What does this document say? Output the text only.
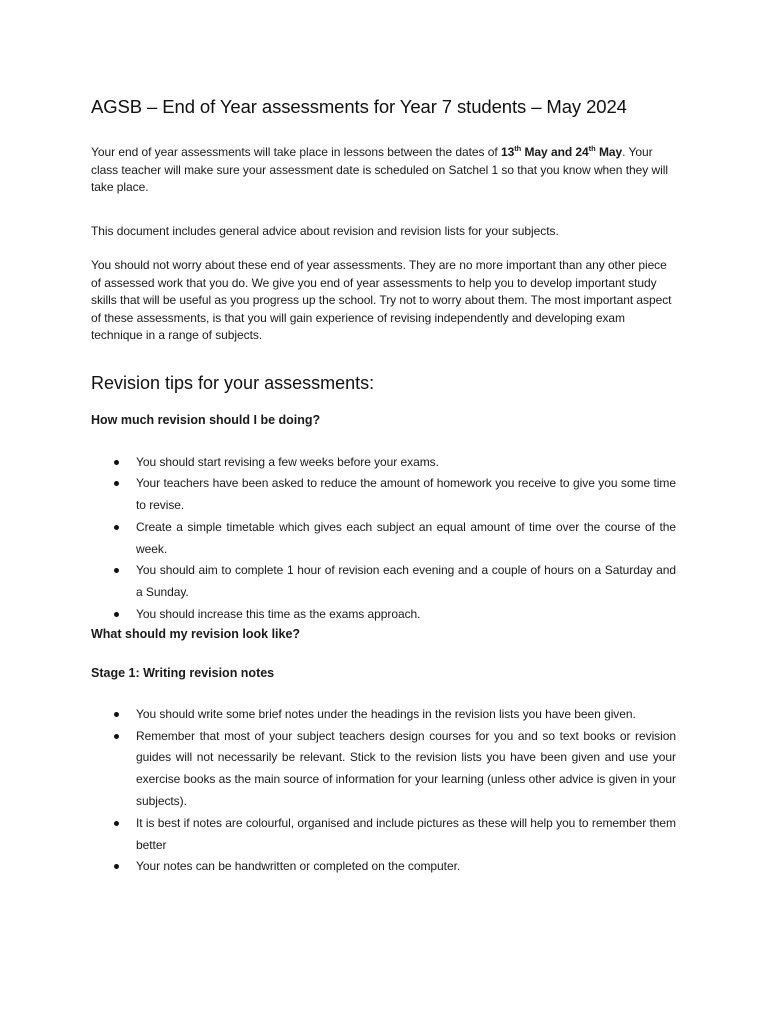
AGSB – End of Year assessments for Year 7 students – May 2024

Your end of year assessments will take place in lessons between the dates of 13th May and 24th May. Your class teacher will make sure your assessment date is scheduled on Satchel 1 so that you know when they will take place.

This document includes general advice about revision and revision lists for your subjects.

You should not worry about these end of year assessments. They are no more important than any other piece of assessed work that you do. We give you end of year assessments to help you to develop important study skills that will be useful as you progress up the school. Try not to worry about them. The most important aspect of these assessments, is that you will gain experience of revising independently and developing exam technique in a range of subjects.

Revision tips for your assessments:
How much revision should I be doing?
You should start revising a few weeks before your exams.
Your teachers have been asked to reduce the amount of homework you receive to give you some time to revise.
Create a simple timetable which gives each subject an equal amount of time over the course of the week.
You should aim to complete 1 hour of revision each evening and a couple of hours on a Saturday and a Sunday.
You should increase this time as the exams approach.
What should my revision look like?
Stage 1: Writing revision notes
You should write some brief notes under the headings in the revision lists you have been given.
Remember that most of your subject teachers design courses for you and so text books or revision guides will not necessarily be relevant. Stick to the revision lists you have been given and use your exercise books as the main source of information for your learning (unless other advice is given in your subjects).
It is best if notes are colourful, organised and include pictures as these will help you to remember them better
Your notes can be handwritten or completed on the computer.
